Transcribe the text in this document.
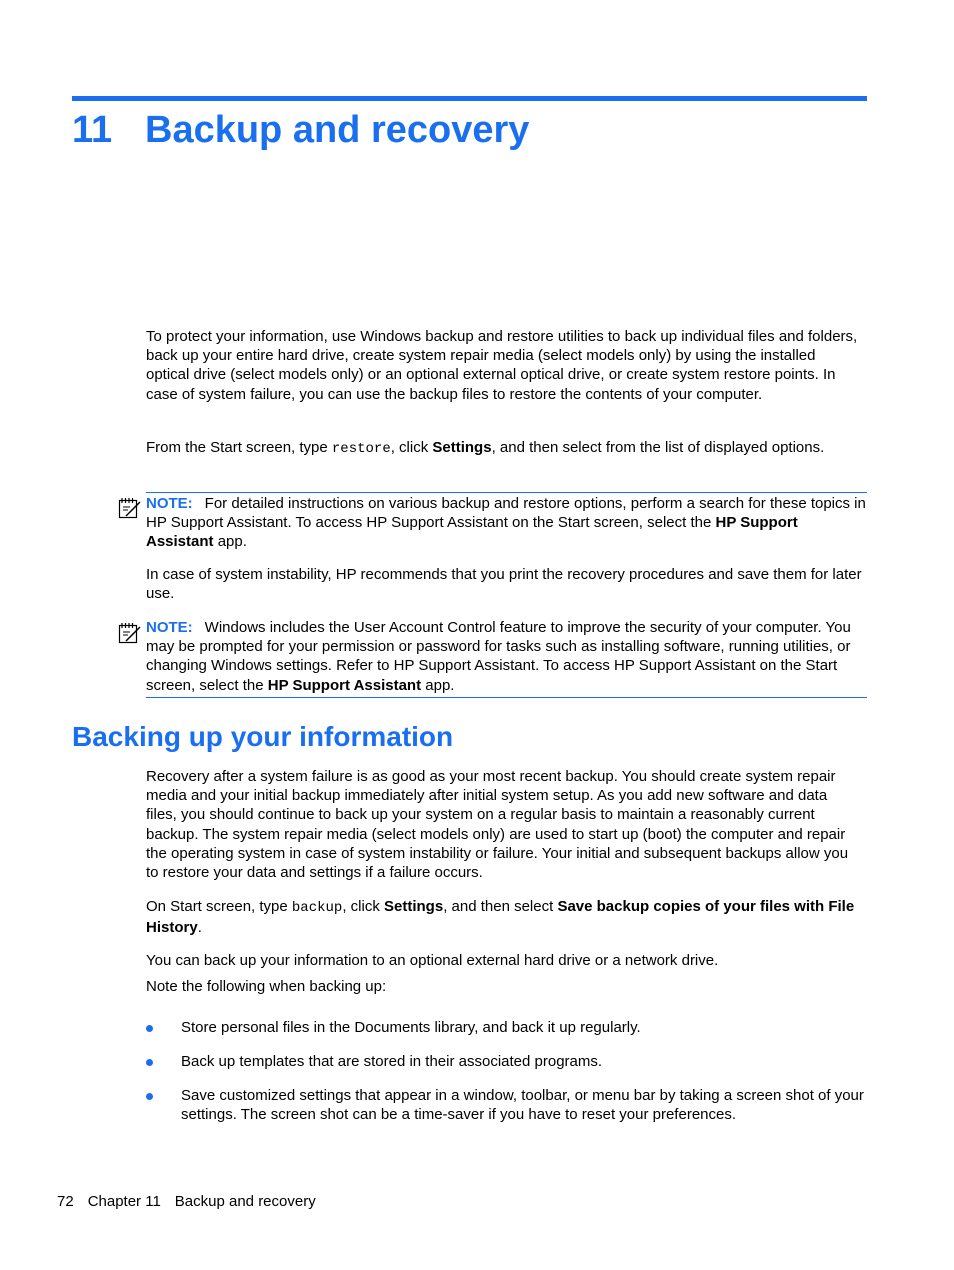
11 Backup and recovery

To protect your information, use Windows backup and restore utilities to back up individual files and folders, back up your entire hard drive, create system repair media (select models only) by using the installed optical drive (select models only) or an optional external optical drive, or create system restore points. In case of system failure, you can use the backup files to restore the contents of your computer.

From the Start screen, type restore, click Settings, and then select from the list of displayed options.

NOTE: For detailed instructions on various backup and restore options, perform a search for these topics in HP Support Assistant. To access HP Support Assistant on the Start screen, select the HP Support Assistant app.

In case of system instability, HP recommends that you print the recovery procedures and save them for later use.

NOTE: Windows includes the User Account Control feature to improve the security of your computer. You may be prompted for your permission or password for tasks such as installing software, running utilities, or changing Windows settings. Refer to HP Support Assistant. To access HP Support Assistant on the Start screen, select the HP Support Assistant app.
Backing up your information

Recovery after a system failure is as good as your most recent backup. You should create system repair media and your initial backup immediately after initial system setup. As you add new software and data files, you should continue to back up your system on a regular basis to maintain a reasonably current backup. The system repair media (select models only) are used to start up (boot) the computer and repair the operating system in case of system instability or failure. Your initial and subsequent backups allow you to restore your data and settings if a failure occurs.

On Start screen, type backup, click Settings, and then select Save backup copies of your files with File History.

You can back up your information to an optional external hard drive or a network drive.

Note the following when backing up:

Store personal files in the Documents library, and back it up regularly.
Back up templates that are stored in their associated programs.
Save customized settings that appear in a window, toolbar, or menu bar by taking a screen shot of your settings. The screen shot can be a time-saver if you have to reset your preferences.
72 Chapter 11 Backup and recovery
